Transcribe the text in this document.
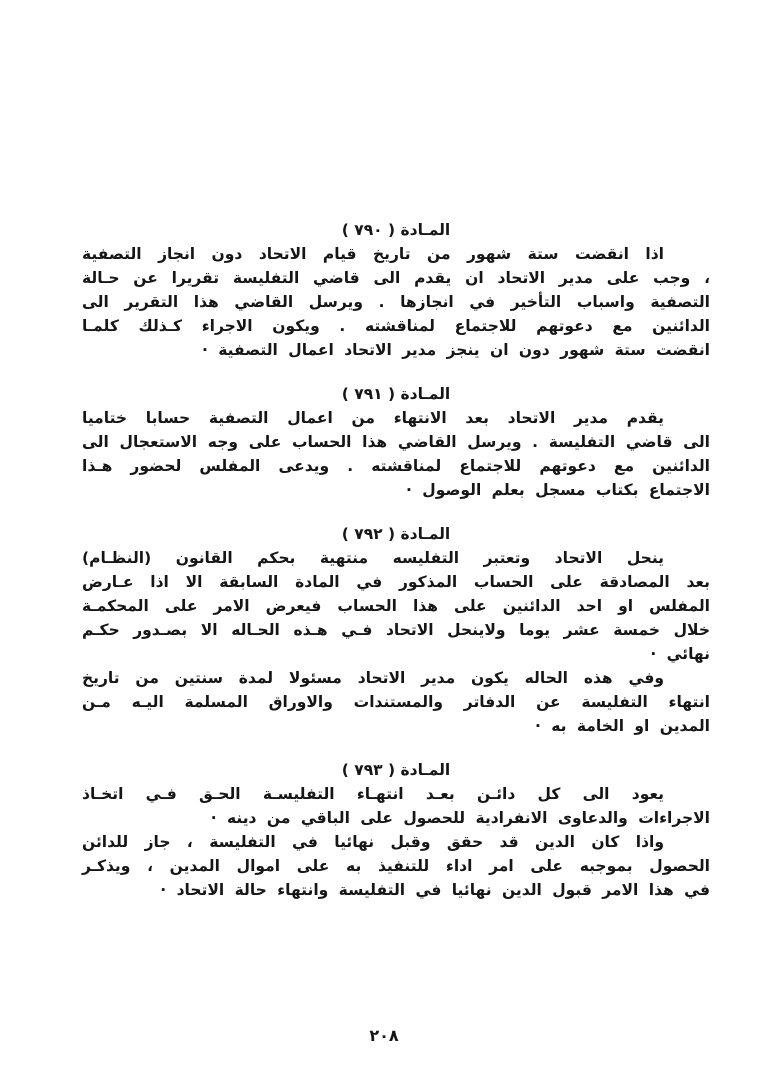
المـادة ( ٧٩٠ )
اذا انقضت ستة شهور من تاريخ قيام الاتحاد دون انجاز التصفية
، وجب على مدير الاتحاد ان يقدم الى قاضي التفليسة تقريرا عن حـالة
التصفية واسباب التأخير في انجازها . ويرسل القاضي هذا التقرير الى
الدائنين مع دعوتهم للاجتماع لمناقشته . ويكون الاجراء كـذلك كلمـا
انقضت ستة شهور دون ان ينجز مدير الاتحاد اعمال التصفية ·
المـادة ( ٧٩١ )
يقدم مدير الاتحاد بعد الانتهاء من اعمال التصفية حسابا ختاميا
الى قاضي التفليسة . ويرسل القاضي هذا الحساب على وجه الاستعجال الى
الدائنين مع دعوتهم للاجتماع لمناقشته . ويدعى المفلس لحضور هـذا
الاجتماع بكتاب مسجل بعلم الوصول ·
المـادة ( ٧٩٢ )
ينحل الاتحاد وتعتبر التفليسه منتهية بحكم القانون (النظـام)
بعد المصادقة على الحساب المذكور في المادة السابقة الا اذا عـارض
المفلس او احد الدائنين على هذا الحساب فيعرض الامر على المحكمـة
خلال خمسة عشر يوما ولاينحل الاتحاد فـي هـذه الحـاله الا بصـدور حكـم
نهائي ·
وفي هذه الحاله يكون مدير الاتحاد مسئولا لمدة سنتين من تاريخ
انتهاء التفليسة عن الدفاتر والمستندات والاوراق المسلمة اليـه مـن
المدين او الخامة به ·
المـادة ( ٧٩٣ )
يعود الى كل دائـن بعـد انتهـاء التفليسـة الحـق فـي اتخـاذ
الاجراءات والدعاوى الانفرادية للحصول على الباقي من دينه ·
واذا كان الدين قد حقق وقبل نهائيا في التفليسة ، جاز للدائن
الحصول بموجبه على امر اداء للتنفيذ به على اموال المدين ، ويذكـر
في هذا الامر قبول الدين نهائيا في التفليسة وانتهاء حالة الاتحاد ·
٢٠٨
